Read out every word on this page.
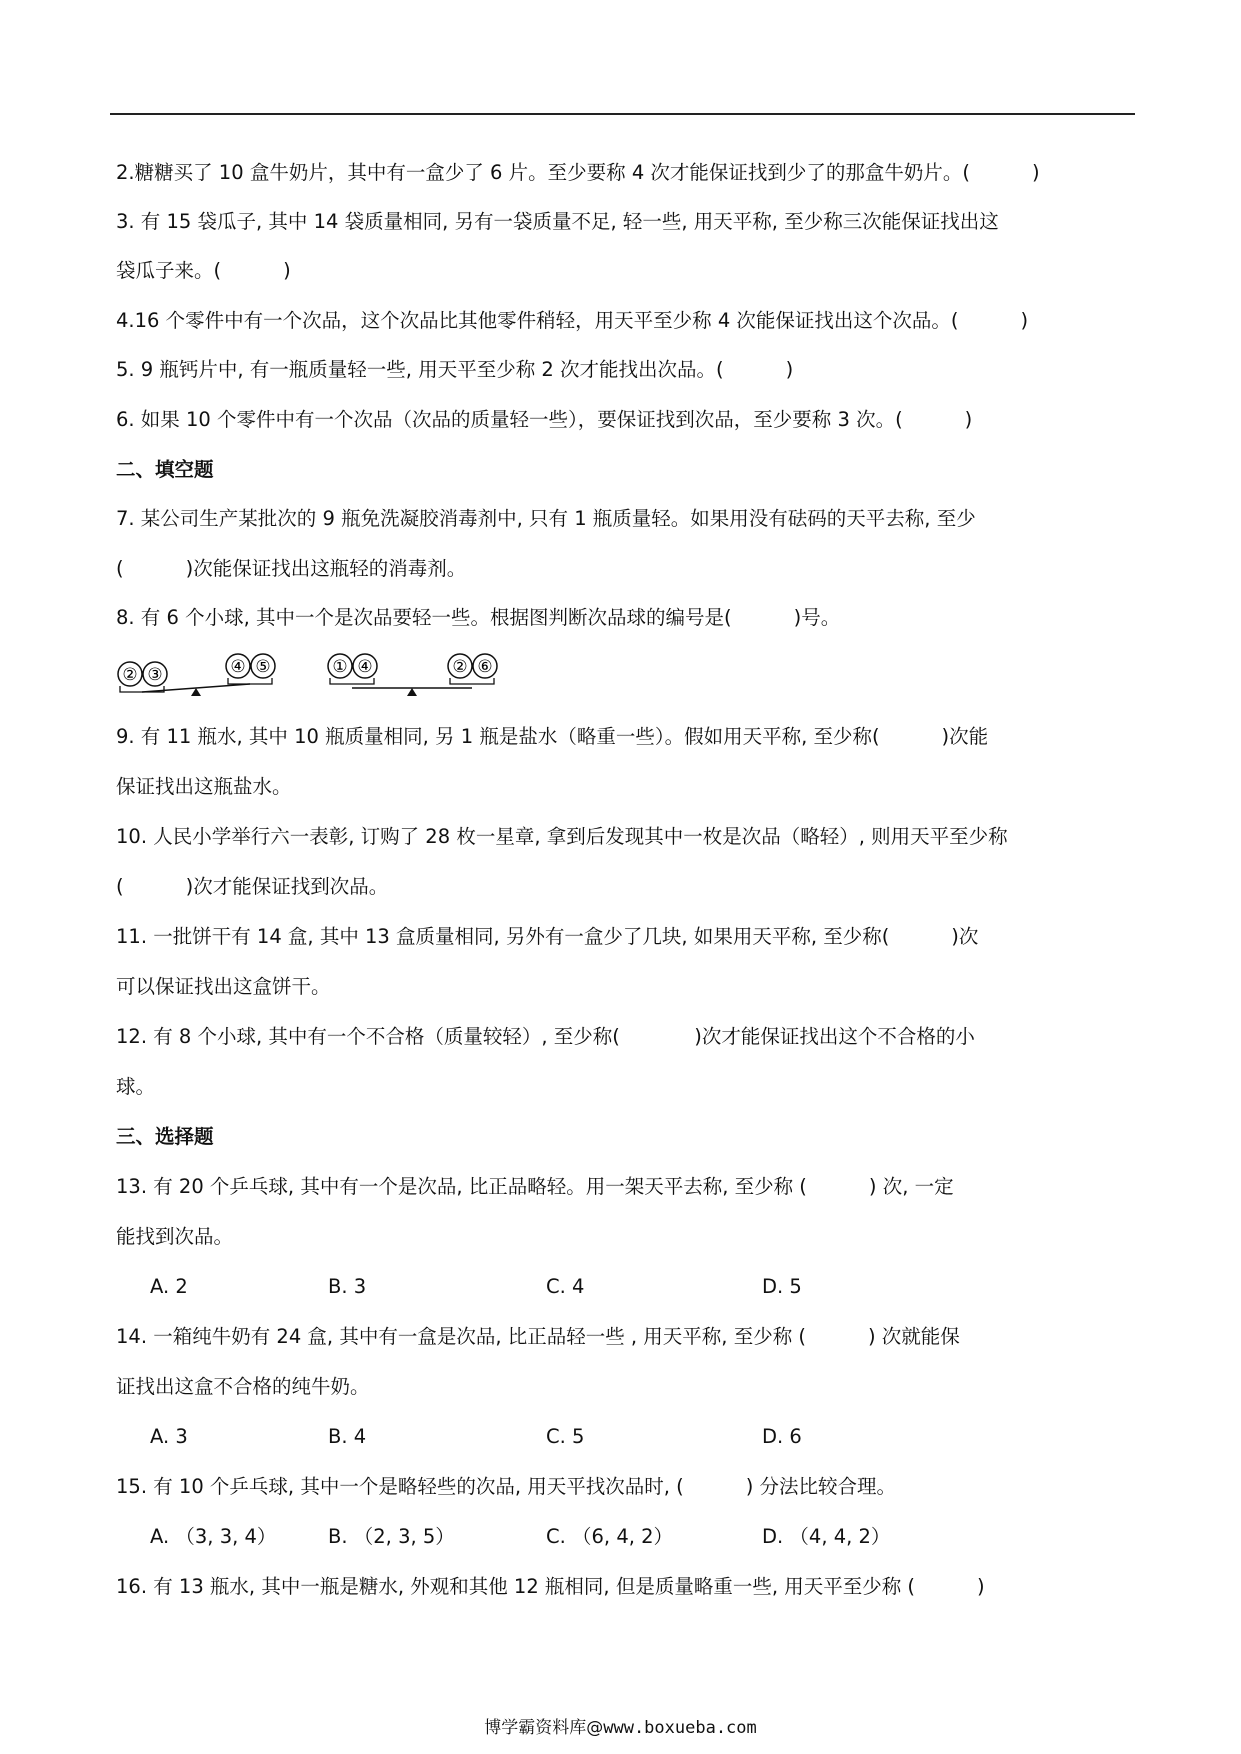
2.糖糖买了 10 盒牛奶片，其中有一盒少了 6 片。至少要称 4 次才能保证找到少了的那盒牛奶片。(          )
3. 有 15 袋瓜子, 其中 14 袋质量相同, 另有一袋质量不足, 轻一些, 用天平称, 至少称三次能保证找出这
袋瓜子来。(          )
4.16 个零件中有一个次品，这个次品比其他零件稍轻，用天平至少称 4 次能保证找出这个次品。(          )
5. 9 瓶钙片中, 有一瓶质量轻一些, 用天平至少称 2 次才能找出次品。(          )
6. 如果 10 个零件中有一个次品（次品的质量轻一些），要保证找到次品，至少要称 3 次。(          )
二、填空题
7. 某公司生产某批次的 9 瓶免洗凝胶消毒剂中, 只有 1 瓶质量轻。如果用没有砝码的天平去称, 至少
(          )次能保证找出这瓶轻的消毒剂。
8. 有 6 个小球, 其中一个是次品要轻一些。根据图判断次品球的编号是(          )号。
② ③	④ ⑤	① ④	② ⑥
9. 有 11 瓶水, 其中 10 瓶质量相同, 另 1 瓶是盐水（略重一些）。假如用天平称, 至少称(          )次能
保证找出这瓶盐水。
10. 人民小学举行六一表彰, 订购了 28 枚一星章, 拿到后发现其中一枚是次品（略轻）, 则用天平至少称
(          )次才能保证找到次品。
11. 一批饼干有 14 盒, 其中 13 盒质量相同, 另外有一盒少了几块, 如果用天平称, 至少称(          )次
可以保证找出这盒饼干。
12. 有 8 个小球, 其中有一个不合格（质量较轻）, 至少称(            )次才能保证找出这个不合格的小
球。
三、选择题
13. 有 20 个乒乓球, 其中有一个是次品, 比正品略轻。用一架天平去称, 至少称 (          ) 次, 一定
能找到次品。
A. 2	B. 3	C. 4	D. 5
14. 一箱纯牛奶有 24 盒, 其中有一盒是次品, 比正品轻一些 , 用天平称, 至少称 (          ) 次就能保
证找出这盒不合格的纯牛奶。
A. 3	B. 4	C. 5	D. 6
15. 有 10 个乒乓球, 其中一个是略轻些的次品, 用天平找次品时, (          ) 分法比较合理。
A. （3, 3, 4）	B. （2, 3, 5）	C. （6, 4, 2）	D. （4, 4, 2）
16. 有 13 瓶水, 其中一瓶是糖水, 外观和其他 12 瓶相同, 但是质量略重一些, 用天平至少称 (          )
博学霸资料库@www.boxueba.com
